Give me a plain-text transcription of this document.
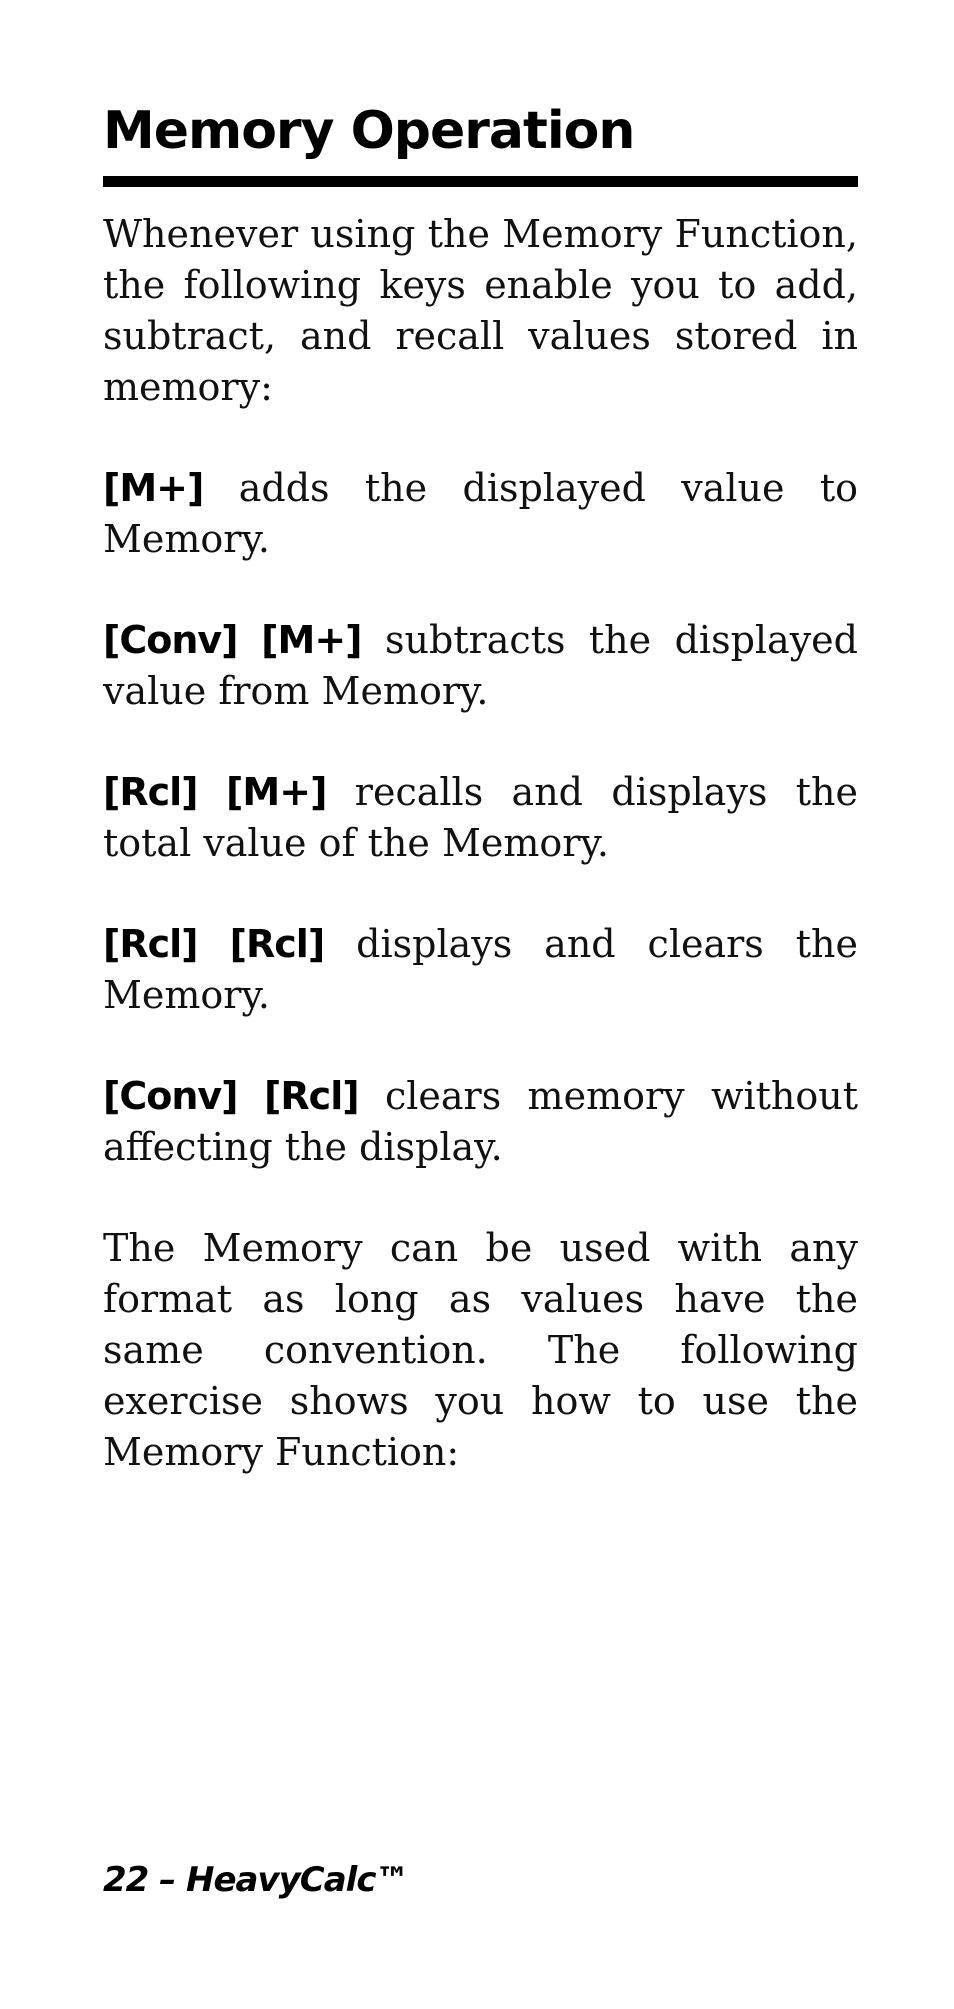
Memory Operation

Whenever using the Memory Function, the following keys enable you to add, subtract, and recall values stored in memory:

[M+] adds the displayed value to Memory.

[Conv] [M+] subtracts the displayed value from Memory.

[Rcl] [M+] recalls and displays the total value of the Memory.

[Rcl] [Rcl] displays and clears the Memory.

[Conv] [Rcl] clears memory without affecting the display.

The Memory can be used with any format as long as values have the same convention. The following exercise shows you how to use the Memory Function:

22 – HeavyCalc™
